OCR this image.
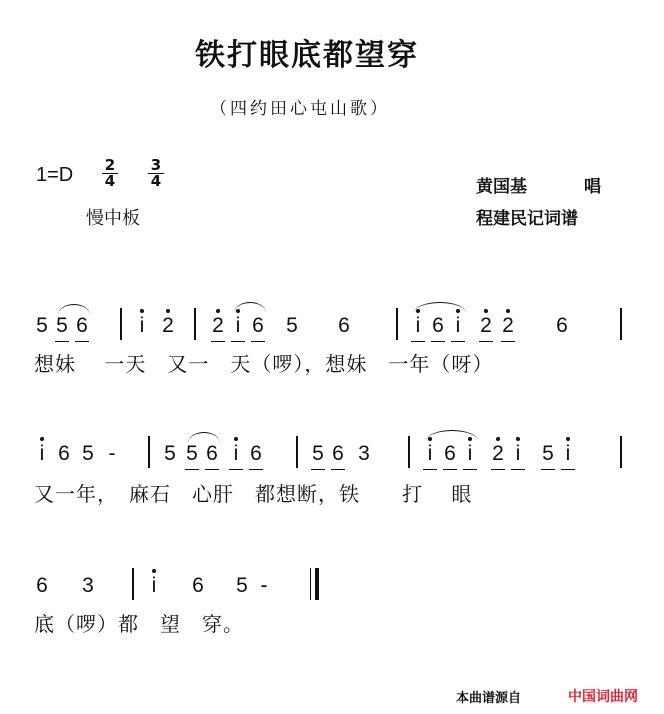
铁打眼底都望穿
（四约田心屯山歌）
$1=D \frac{2}{4} \frac{3}{4}$
慢中板
黄国基	唱
程建民记词谱
5 5 6 i 2 2 i 6 5 6	i 6 i 2 2 6
想妹　 一天　又一　天（啰），想妹　一年（呀）
i 6 5 - 5 5 6 i 6 5 6 3	i 6 i 2 i 5 i
又一年，　麻石　心肝　都想断，铁　　打　 眼
6 3	i 6 5 -
底（啰）都　望　穿。
本曲谱源自	中国词曲网
